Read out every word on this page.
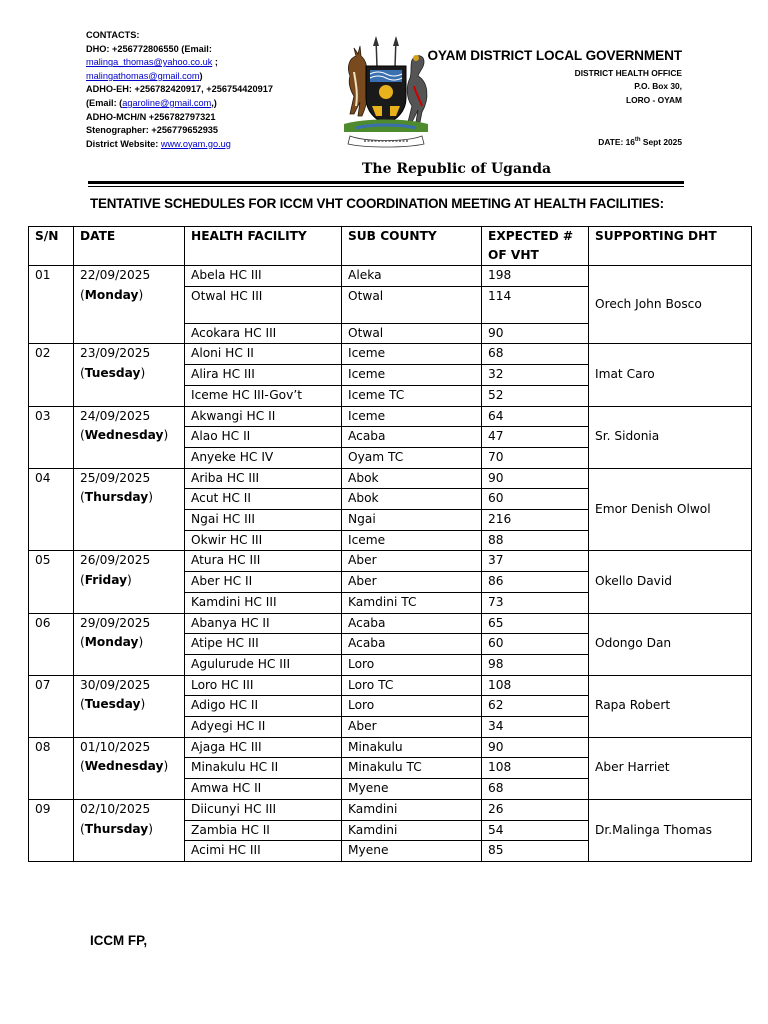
CONTACTS:
DHO: +256772806550 (Email:
malinga_thomas@yahoo.co.uk ;
malingathomas@gmail.com)
ADHO-EH: +256782420917, +256754420917
(Email: (agaroline@gmail.com,)
ADHO-MCH/N +256782797321
Stenographer: +256779652935
District Website: www.oyam.go.ug
OYAM DISTRICT LOCAL GOVERNMENT
DISTRICT HEALTH OFFICE
P.O. Box 30,
LORO - OYAM
DATE: 16th Sept 2025
The Republic of Uganda
TENTATIVE SCHEDULES FOR ICCM VHT COORDINATION MEETING AT HEALTH FACILITIES:
S/N	DATE	HEALTH FACILITY	SUB COUNTY	EXPECTED # OF VHT	SUPPORTING DHT
01	22/09/2025
(Monday)	Abela HC III	Aleka	198	Orech John Bosco
		Otwal HC III	Otwal	114	
		Acokara HC III	Otwal	90	
02	23/09/2025
(Tuesday)	Aloni HC II	Iceme	68	Imat Caro
		Alira HC III	Iceme	32	
		Iceme HC III-Gov’t	Iceme TC	52	
03	24/09/2025
(Wednesday)	Akwangi HC II	Iceme	64	Sr. Sidonia
		Alao HC II	Acaba	47	
		Anyeke HC IV	Oyam TC	70	
04	25/09/2025
(Thursday)	Ariba HC III	Abok	90	Emor Denish Olwol
		Acut HC II	Abok	60	
		Ngai HC III	Ngai	216	
		Okwir HC III	Iceme	88	
05	26/09/2025
(Friday)	Atura HC III	Aber	37	Okello David
		Aber HC II	Aber	86	
		Kamdini HC III	Kamdini TC	73	
06	29/09/2025
(Monday)	Abanya HC II	Acaba	65	Odongo Dan
		Atipe HC III	Acaba	60	
		Agulurude HC III	Loro	98	
07	30/09/2025
(Tuesday)	Loro HC III	Loro TC	108	Rapa Robert
		Adigo HC II	Loro	62	
		Adyegi HC II	Aber	34	
08	01/10/2025
(Wednesday)	Ajaga HC III	Minakulu	90	Aber Harriet
		Minakulu HC II	Minakulu TC	108	
		Amwa HC II	Myene	68	
09	02/10/2025
(Thursday)	Diicunyi HC III	Kamdini	26	Dr.Malinga Thomas
		Zambia HC II	Kamdini	54	
		Acimi HC III	Myene	85	
ICCM FP,
